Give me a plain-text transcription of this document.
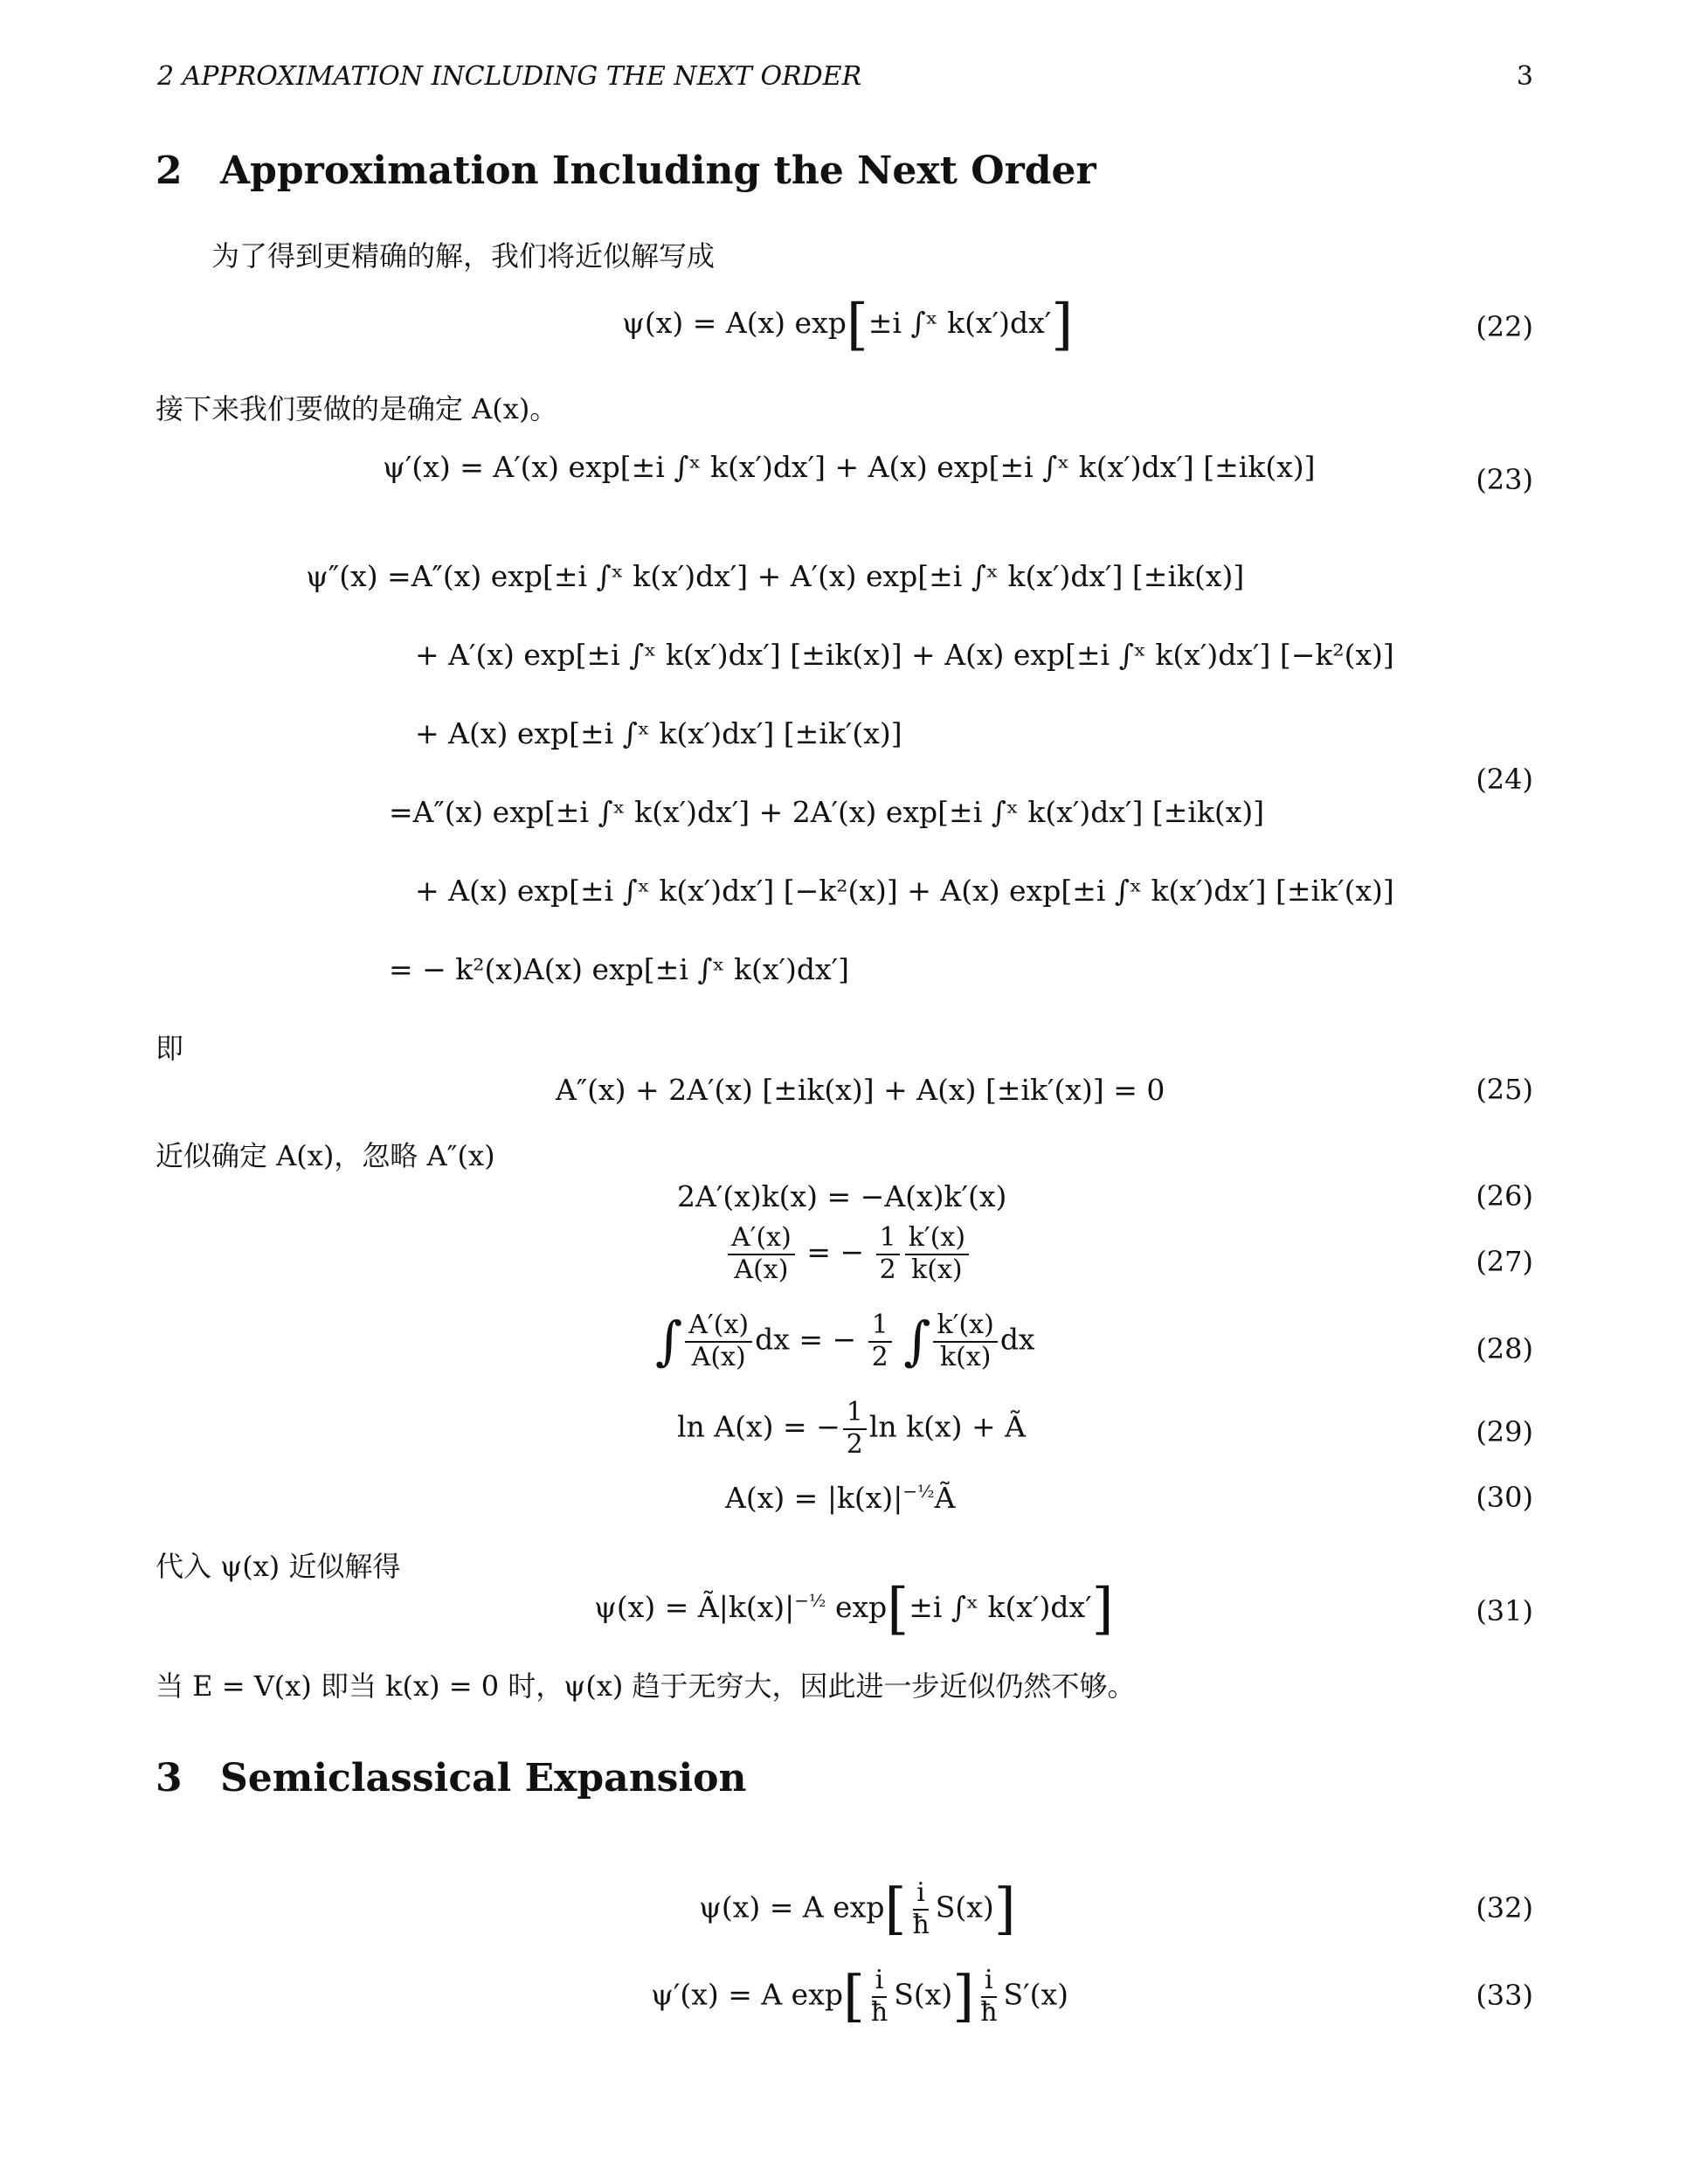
2 APPROXIMATION INCLUDING THE NEXT ORDER	3
2 Approximation Including the Next Order
为了得到更精确的解，我们将近似解写成
ψ(x) = A(x) exp[±i ∫ˣ k(x′)dx′]	(22)
接下来我们要做的是确定 A(x)。
ψ′(x) = A′(x) exp[±i ∫ˣ k(x′)dx′] + A(x) exp[±i ∫ˣ k(x′)dx′] [±ik(x)]	(23)
ψ″(x) =A″(x) exp[±i ∫ˣ k(x′)dx′] + A′(x) exp[±i ∫ˣ k(x′)dx′] [±ik(x)]
+ A′(x) exp[±i ∫ˣ k(x′)dx′] [±ik(x)] + A(x) exp[±i ∫ˣ k(x′)dx′] [−k²(x)]
+ A(x) exp[±i ∫ˣ k(x′)dx′] [±ik′(x)]
=A″(x) exp[±i ∫ˣ k(x′)dx′] + 2A′(x) exp[±i ∫ˣ k(x′)dx′] [±ik(x)]
+ A(x) exp[±i ∫ˣ k(x′)dx′] [−k²(x)] + A(x) exp[±i ∫ˣ k(x′)dx′] [±ik′(x)]
= − k²(x)A(x) exp[±i ∫ˣ k(x′)dx′]
(24)
即
A″(x) + 2A′(x) [±ik(x)] + A(x) [±ik′(x)] = 0	(25)
近似确定 A(x)，忽略 A″(x)
2A′(x)k(x) = −A(x)k′(x)	(26)
$\frac{A'(x)}{A(x)}$ = − $\frac{1}{2} \frac{k'(x)}{k(x)}$	(27)
∫ $\frac{A'(x)}{A(x)}$ dx = − $\frac{1}{2}$ ∫ $\frac{k'(x)}{k(x)}$ dx	(28)
ln A(x) = − $\frac{1}{2}$ ln k(x) + Ã	(29)
$A(x) = |k(x)|^{-\frac{1}{2}}Ã$	(30)
代入 ψ(x) 近似解得
$\psi(x) = Ã|k(x)|^{-\frac{1}{2}}$ exp[±i ∫ˣ k(x′)dx′]	(31)
当 E = V(x) 即当 k(x) = 0 时，ψ(x) 趋于无穷大，因此进一步近似仍然不够。
3 Semiclassical Expansion
ψ(x) = A $\exp[ \frac{i}{ħ} S(x)]$	(32)
ψ′(x) = A $\exp[ \frac{i}{ħ} S(x)] \frac{i}{ħ} S'(x)$	(33)
